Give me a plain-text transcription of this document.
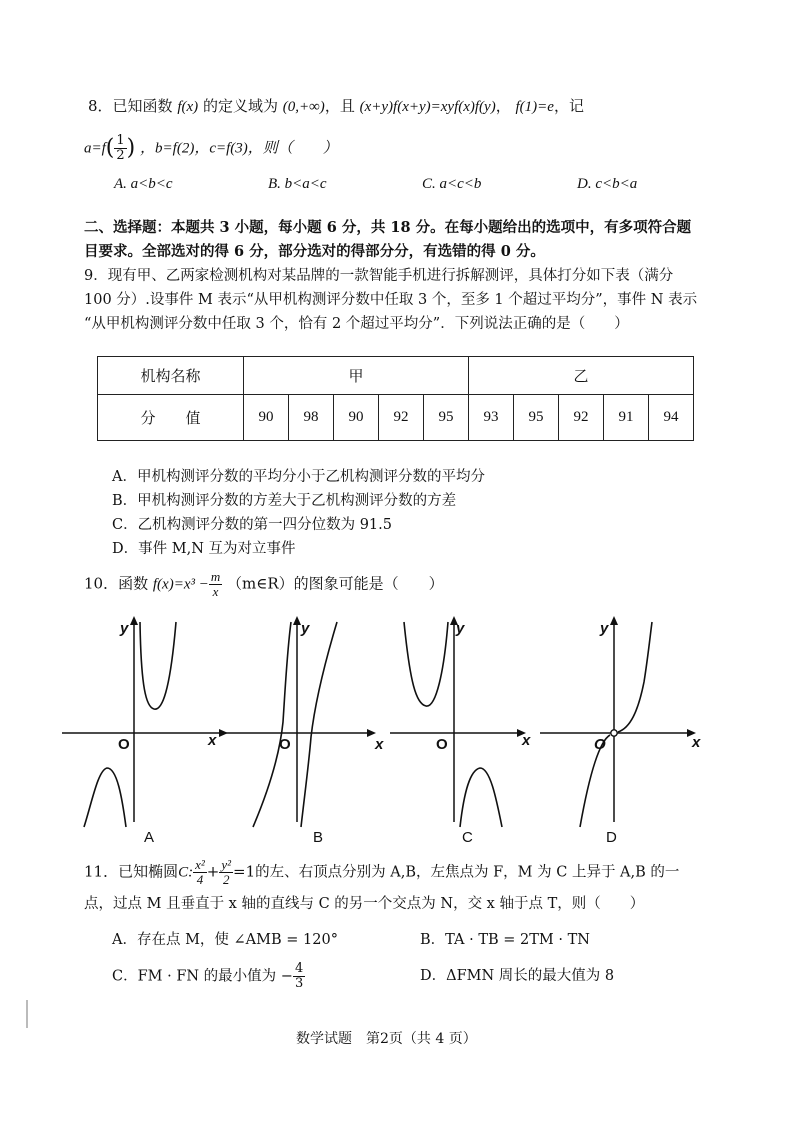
8．已知函数 f(x) 的定义域为 (0,+∞)，且 (x+y)f(x+y)=xyf(x)f(y)， f(1)=e，记
$a=f( \frac{1}{2}$ ) ，b=f(2)，c=f(3)，则（　　）
A. a<b<c	B. b<a<c	C. a<c<b	D. c<b<a
二、选择题：本题共 3 小题，每小题 6 分，共 18 分。在每小题给出的选项中，有多项符合题
目要求。全部选对的得 6 分，部分选对的得部分分，有选错的得 0 分。
9．现有甲、乙两家检测机构对某品牌的一款智能手机进行拆解测评，具体打分如下表（满分
100 分）.设事件 M 表示“从甲机构测评分数中任取 3 个，至多 1 个超过平均分”，事件 N 表示
“从甲机构测评分数中任取 3 个，恰有 2 个超过平均分”．下列说法正确的是（　　）
机构名称	甲					乙				
分　　值	90	98	90	92	95	93	95	92	91	94
A．甲机构测评分数的平均分小于乙机构测评分数的平均分
B．甲机构测评分数的方差大于乙机构测评分数的方差
C．乙机构测评分数的第一四分位数为 91.5
D．事件 M,N 互为对立事件
10．函数 $f(x)=x^3 - \frac{m}{x}$ （m∈R）的图象可能是（　　）
y
x
O
A
y
x
O
B
y
x
O
C
y
x
O
D
11．已知椭圆C: $\frac{\text{x²}}{4} + \frac{\text{y²}}{2} =1$的左、右顶点分别为 A,B，左焦点为 F，M 为 C 上异于 A,B 的一
点，过点 M 且垂直于 x 轴的直线与 C 的另一个交点为 N，交 x 轴于点 T，则（　　）
A．存在点 M，使 ∠AMB = 120°	B．TA · TB = 2TM · TN
C．FM · FN 的最小值为 − $\frac{4}{3}$	D．ΔFMN 周长的最大值为 8
数学试题　第2页（共 4 页）
